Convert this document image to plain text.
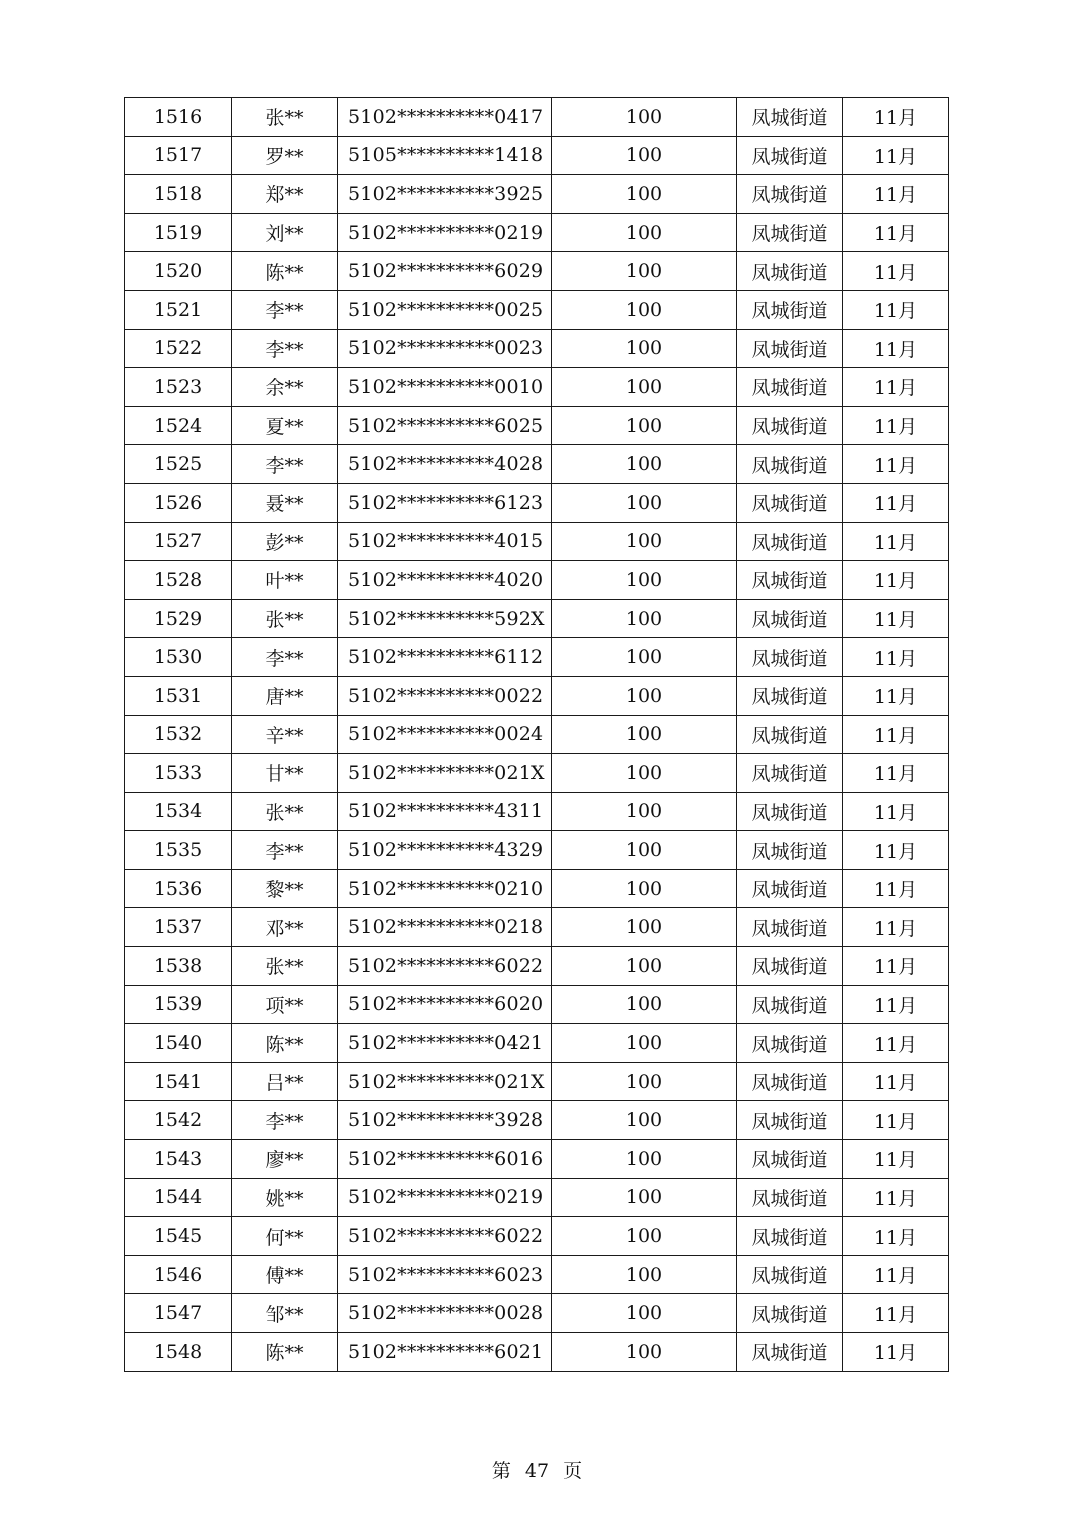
1516	张**	5102**********0417	100	凤城街道	11月
1517	罗**	5105**********1418	100	凤城街道	11月
1518	郑**	5102**********3925	100	凤城街道	11月
1519	刘**	5102**********0219	100	凤城街道	11月
1520	陈**	5102**********6029	100	凤城街道	11月
1521	李**	5102**********0025	100	凤城街道	11月
1522	李**	5102**********0023	100	凤城街道	11月
1523	余**	5102**********0010	100	凤城街道	11月
1524	夏**	5102**********6025	100	凤城街道	11月
1525	李**	5102**********4028	100	凤城街道	11月
1526	聂**	5102**********6123	100	凤城街道	11月
1527	彭**	5102**********4015	100	凤城街道	11月
1528	叶**	5102**********4020	100	凤城街道	11月
1529	张**	5102**********592X	100	凤城街道	11月
1530	李**	5102**********6112	100	凤城街道	11月
1531	唐**	5102**********0022	100	凤城街道	11月
1532	辛**	5102**********0024	100	凤城街道	11月
1533	甘**	5102**********021X	100	凤城街道	11月
1534	张**	5102**********4311	100	凤城街道	11月
1535	李**	5102**********4329	100	凤城街道	11月
1536	黎**	5102**********0210	100	凤城街道	11月
1537	邓**	5102**********0218	100	凤城街道	11月
1538	张**	5102**********6022	100	凤城街道	11月
1539	项**	5102**********6020	100	凤城街道	11月
1540	陈**	5102**********0421	100	凤城街道	11月
1541	吕**	5102**********021X	100	凤城街道	11月
1542	李**	5102**********3928	100	凤城街道	11月
1543	廖**	5102**********6016	100	凤城街道	11月
1544	姚**	5102**********0219	100	凤城街道	11月
1545	何**	5102**********6022	100	凤城街道	11月
1546	傅**	5102**********6023	100	凤城街道	11月
1547	邹**	5102**********0028	100	凤城街道	11月
1548	陈**	5102**********6021	100	凤城街道	11月
第 47 页
